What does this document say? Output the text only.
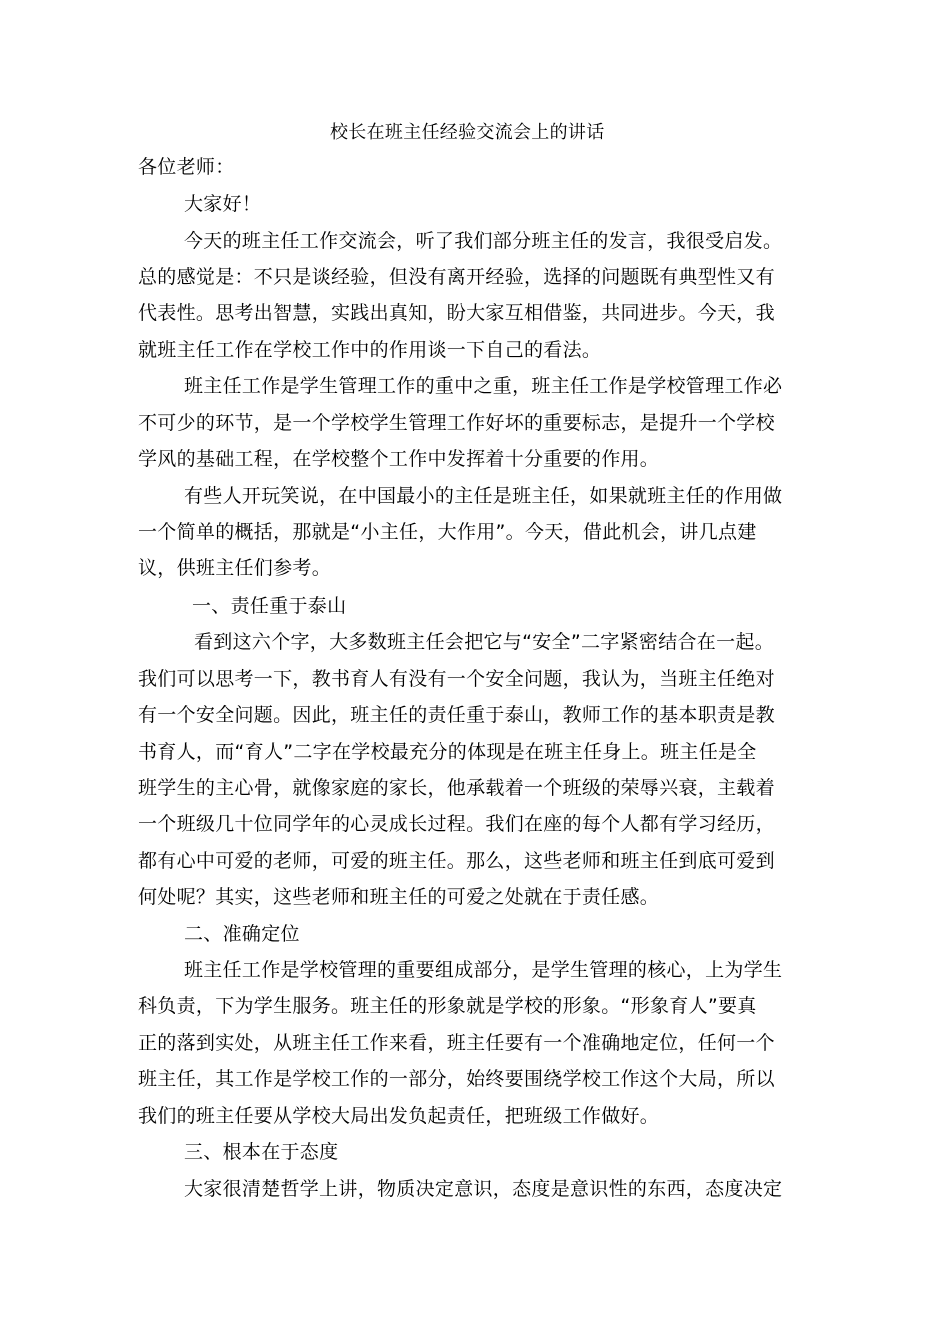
校长在班主任经验交流会上的讲话
各位老师：
大家好！
今天的班主任工作交流会，听了我们部分班主任的发言，我很受启发。
总的感觉是：不只是谈经验，但没有离开经验，选择的问题既有典型性又有
代表性。思考出智慧，实践出真知，盼大家互相借鉴，共同进步。今天，我
就班主任工作在学校工作中的作用谈一下自己的看法。
班主任工作是学生管理工作的重中之重，班主任工作是学校管理工作必
不可少的环节，是一个学校学生管理工作好坏的重要标志，是提升一个学校
学风的基础工程，在学校整个工作中发挥着十分重要的作用。
有些人开玩笑说，在中国最小的主任是班主任，如果就班主任的作用做
一个简单的概括，那就是“小主任，大作用”。今天，借此机会，讲几点建
议，供班主任们参考。
一、责任重于泰山
看到这六个字，大多数班主任会把它与“安全”二字紧密结合在一起。
我们可以思考一下，教书育人有没有一个安全问题，我认为，当班主任绝对
有一个安全问题。因此，班主任的责任重于泰山，教师工作的基本职责是教
书育人，而“育人”二字在学校最充分的体现是在班主任身上。班主任是全
班学生的主心骨，就像家庭的家长，他承载着一个班级的荣辱兴衰，主载着
一个班级几十位同学年的心灵成长过程。我们在座的每个人都有学习经历，
都有心中可爱的老师，可爱的班主任。那么，这些老师和班主任到底可爱到
何处呢？其实，这些老师和班主任的可爱之处就在于责任感。
二、准确定位
班主任工作是学校管理的重要组成部分，是学生管理的核心，上为学生
科负责，下为学生服务。班主任的形象就是学校的形象。“形象育人”要真
正的落到实处，从班主任工作来看，班主任要有一个准确地定位，任何一个
班主任，其工作是学校工作的一部分，始终要围绕学校工作这个大局，所以
我们的班主任要从学校大局出发负起责任，把班级工作做好。
三、根本在于态度
大家很清楚哲学上讲，物质决定意识，态度是意识性的东西，态度决定
